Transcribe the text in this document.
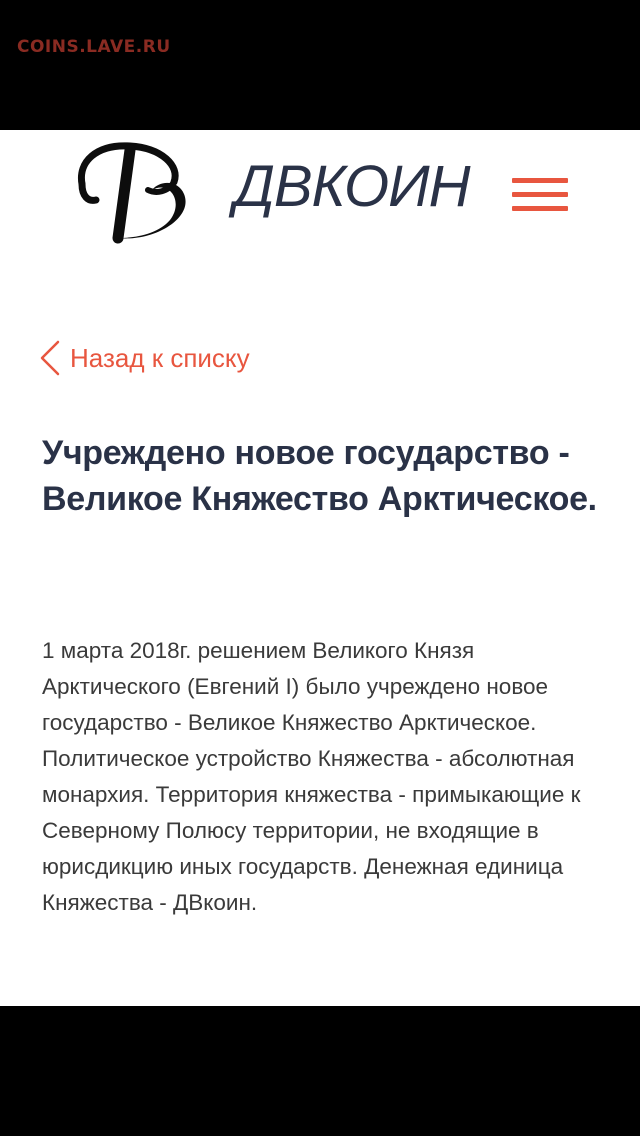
COINS.LAVE.RU
ДВКОИН
Назад к списку
Учреждено новое государство - Великое Княжество Арктическое.

1 марта 2018г. решением Великого Князя Арктического (Евгений I) было учреждено новое государство - Великое Княжество Арктическое. Политическое устройство Княжества - абсолютная монархия. Территория княжества - примыкающие к Северному Полюсу территории, не входящие в юрисдикцию иных государств. Денежная единица Княжества - ДВкоин.
